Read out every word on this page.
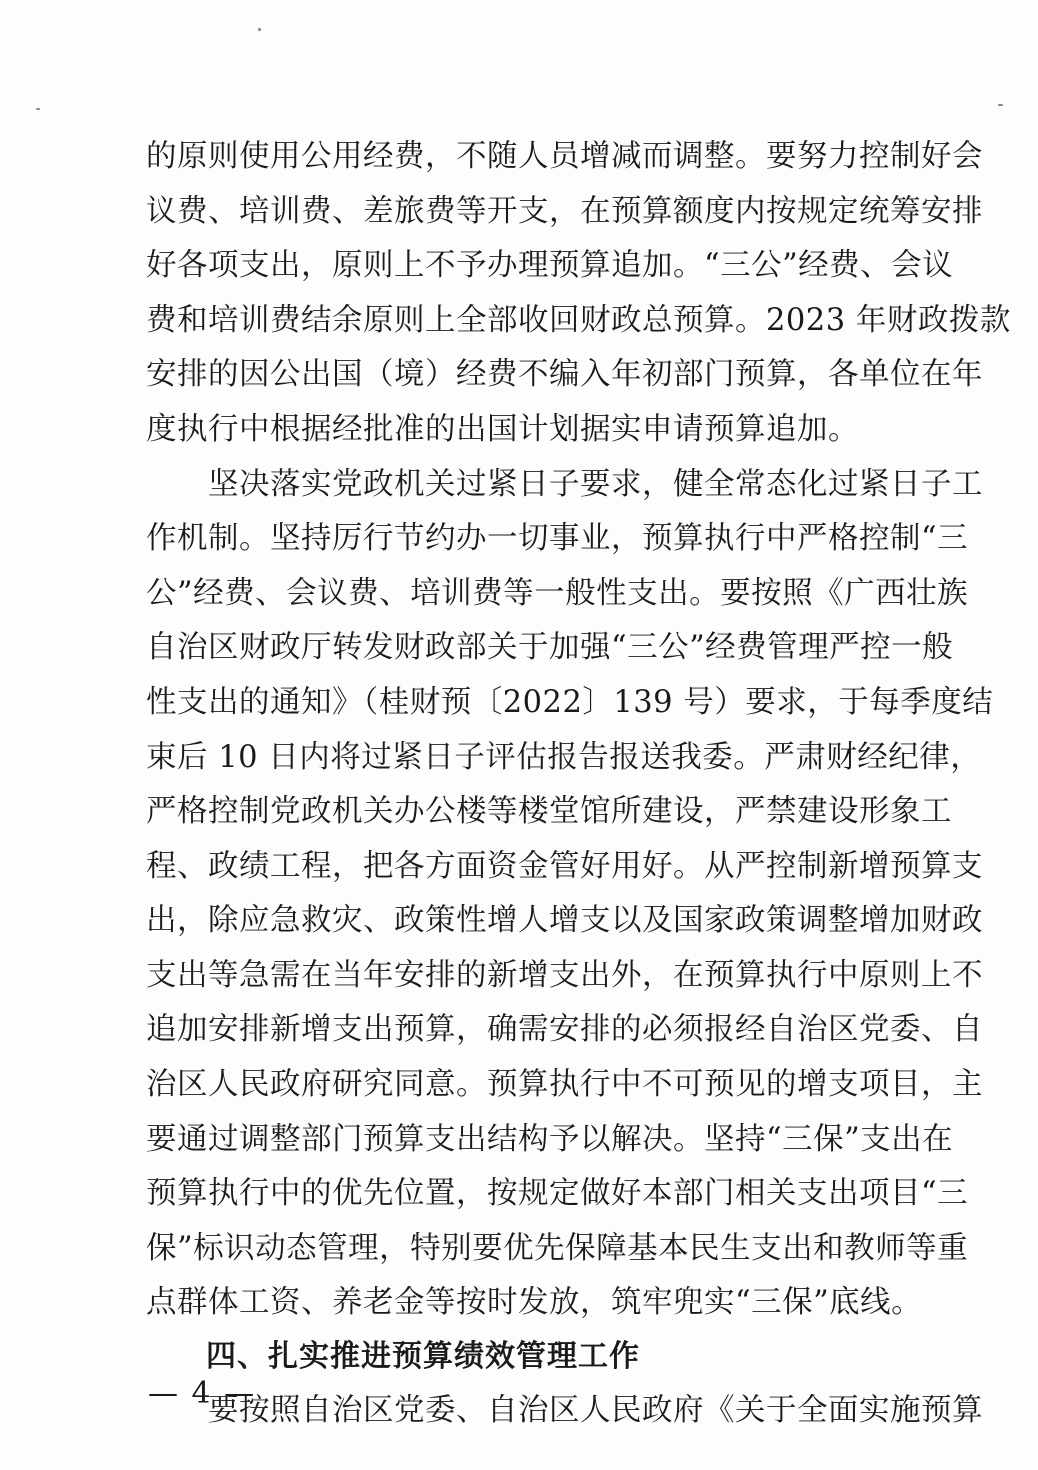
的原则使用公用经费，不随人员增减而调整。要努力控制好会
议费、培训费、差旅费等开支，在预算额度内按规定统筹安排
好各项支出，原则上不予办理预算追加。“三公”经费、会议
费和培训费结余原则上全部收回财政总预算。2023 年财政拨款
安排的因公出国（境）经费不编入年初部门预算，各单位在年
度执行中根据经批准的出国计划据实申请预算追加。
坚决落实党政机关过紧日子要求，健全常态化过紧日子工
作机制。坚持厉行节约办一切事业，预算执行中严格控制“三
公”经费、会议费、培训费等一般性支出。要按照《广西壮族
自治区财政厅转发财政部关于加强“三公”经费管理严控一般
性支出的通知》（桂财预〔2022〕139 号）要求，于每季度结
束后 10 日内将过紧日子评估报告报送我委。严肃财经纪律，
严格控制党政机关办公楼等楼堂馆所建设，严禁建设形象工
程、政绩工程，把各方面资金管好用好。从严控制新增预算支
出，除应急救灾、政策性增人增支以及国家政策调整增加财政
支出等急需在当年安排的新增支出外，在预算执行中原则上不
追加安排新增支出预算，确需安排的必须报经自治区党委、自
治区人民政府研究同意。预算执行中不可预见的增支项目，主
要通过调整部门预算支出结构予以解决。坚持“三保”支出在
预算执行中的优先位置，按规定做好本部门相关支出项目“三
保”标识动态管理，特别要优先保障基本民生支出和教师等重
点群体工资、养老金等按时发放，筑牢兜实“三保”底线。
四、扎实推进预算绩效管理工作
要按照自治区党委、自治区人民政府《关于全面实施预算
— 4 —
